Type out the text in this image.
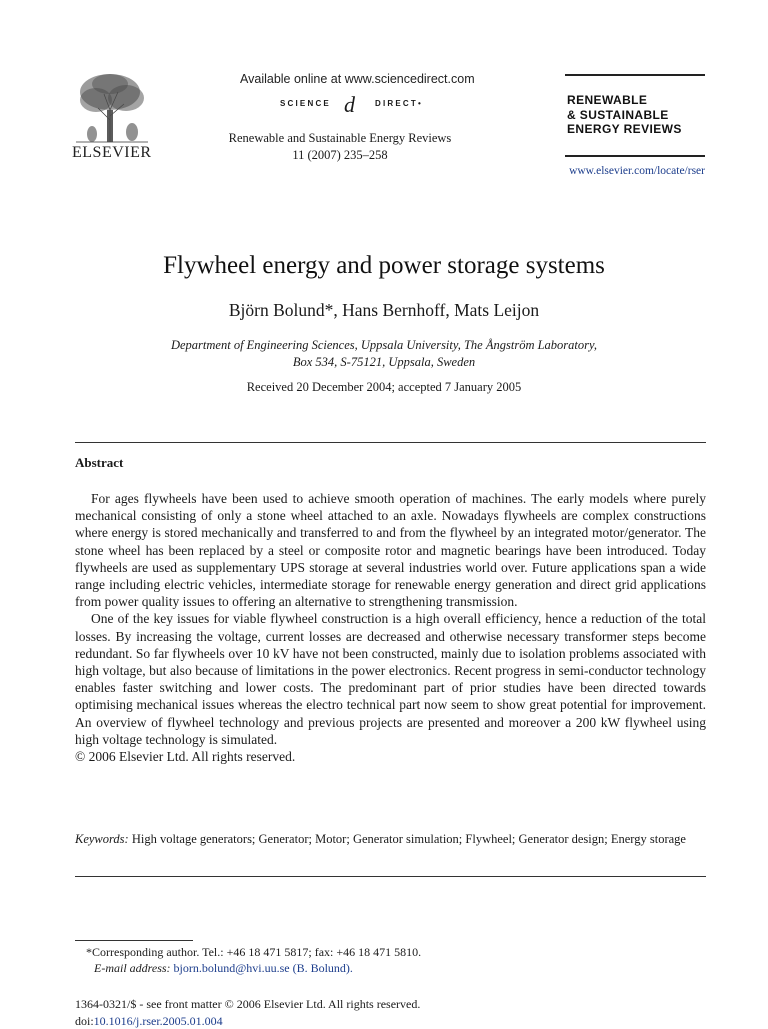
ELSEVIER
Available online at www.sciencedirect.com
SCIENCE d	DIRECT•
Renewable and Sustainable Energy Reviews
11 (2007) 235–258
RENEWABLE
& SUSTAINABLE
ENERGY REVIEWS
www.elsevier.com/locate/rser
Flywheel energy and power storage systems
Björn Bolund*, Hans Bernhoff, Mats Leijon
Department of Engineering Sciences, Uppsala University, The Ångström Laboratory,
Box 534, S-75121, Uppsala, Sweden
Received 20 December 2004; accepted 7 January 2005
Abstract

For ages flywheels have been used to achieve smooth operation of machines. The early models where purely mechanical consisting of only a stone wheel attached to an axle. Nowadays flywheels are complex constructions where energy is stored mechanically and transferred to and from the flywheel by an integrated motor/generator. The stone wheel has been replaced by a steel or composite rotor and magnetic bearings have been introduced. Today flywheels are used as supplementary UPS storage at several industries world over. Future applications span a wide range including electric vehicles, intermediate storage for renewable energy generation and direct grid applications from power quality issues to offering an alternative to strengthening transmission.

One of the key issues for viable flywheel construction is a high overall efficiency, hence a reduction of the total losses. By increasing the voltage, current losses are decreased and otherwise necessary transformer steps become redundant. So far flywheels over 10 kV have not been constructed, mainly due to isolation problems associated with high voltage, but also because of limitations in the power electronics. Recent progress in semi-conductor technology enables faster switching and lower costs. The predominant part of prior studies have been directed towards optimising mechanical issues whereas the electro technical part now seem to show great potential for improvement. An overview of flywheel technology and previous projects are presented and moreover a 200 kW flywheel using high voltage technology is simulated.

© 2006 Elsevier Ltd. All rights reserved.

Keywords: High voltage generators; Generator; Motor; Generator simulation; Flywheel; Generator design; Energy storage
*Corresponding author. Tel.: +46 18 471 5817; fax: +46 18 471 5810.
E-mail address: bjorn.bolund@hvi.uu.se (B. Bolund).
1364-0321/$ - see front matter © 2006 Elsevier Ltd. All rights reserved.
doi:10.1016/j.rser.2005.01.004
